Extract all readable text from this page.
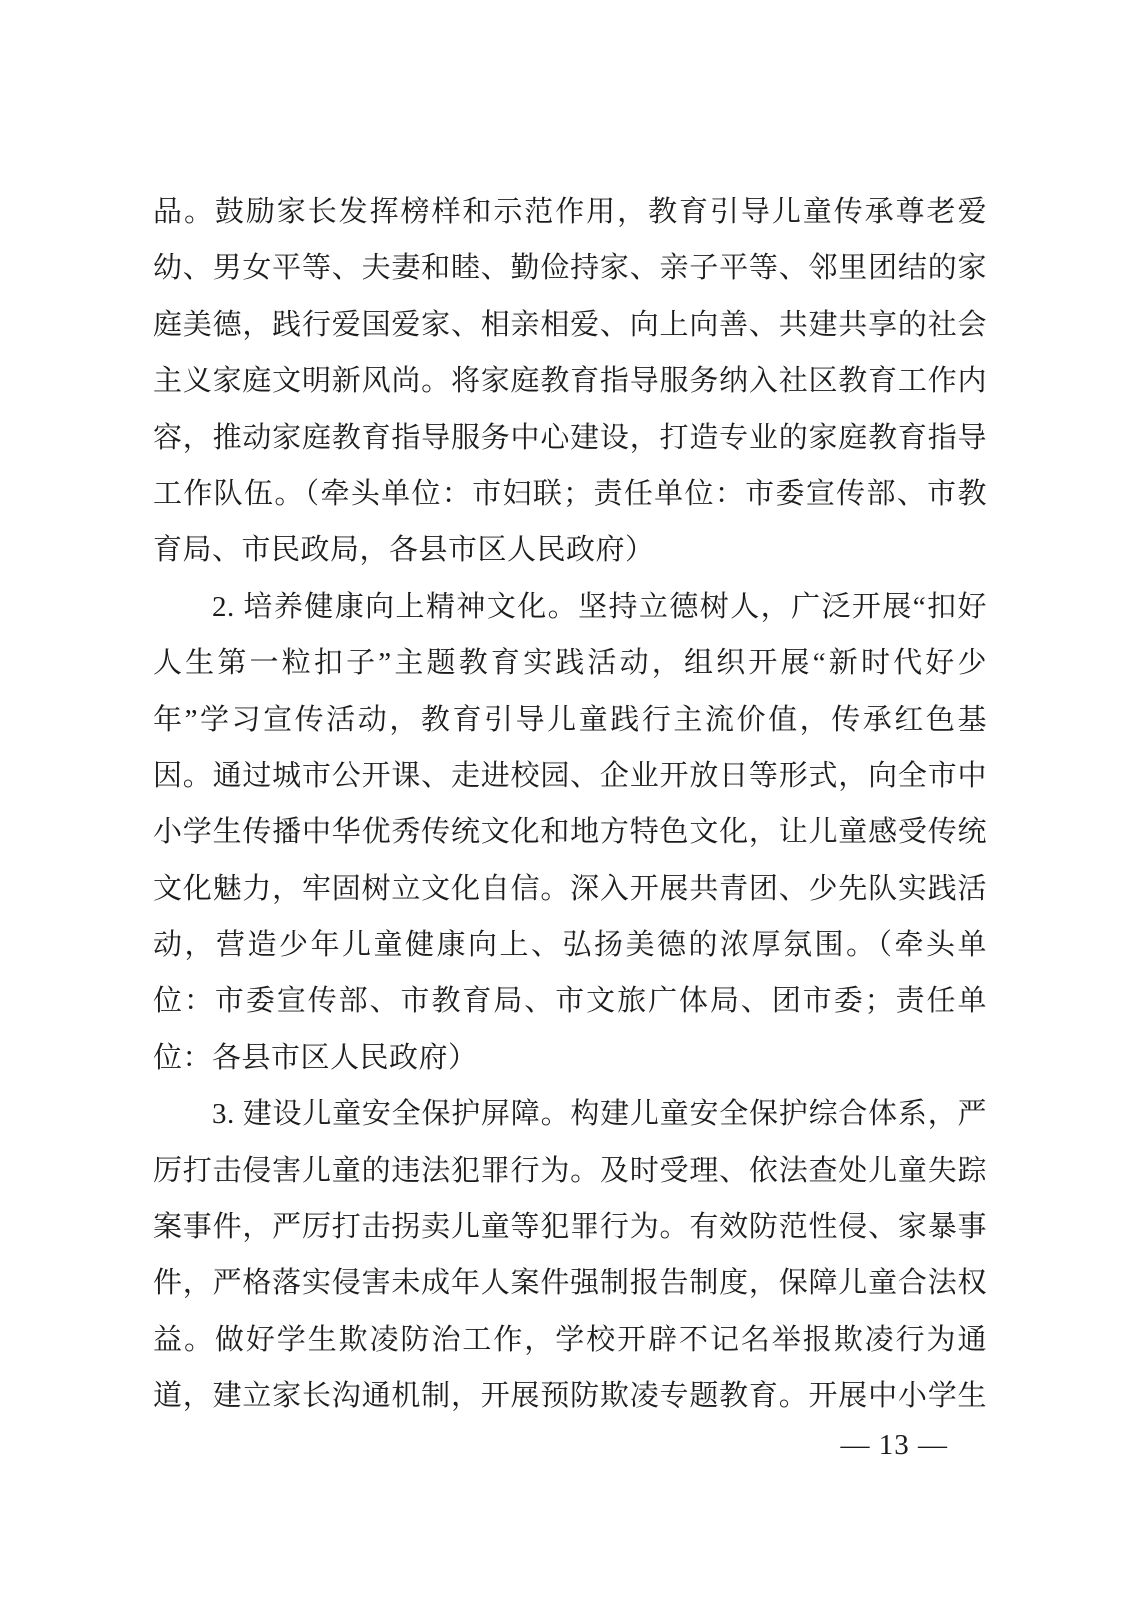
品。鼓励家长发挥榜样和示范作用，教育引导儿童传承尊老爱
幼、男女平等、夫妻和睦、勤俭持家、亲子平等、邻里团结的家
庭美德，践行爱国爱家、相亲相爱、向上向善、共建共享的社会
主义家庭文明新风尚。将家庭教育指导服务纳入社区教育工作内
容，推动家庭教育指导服务中心建设，打造专业的家庭教育指导
工作队伍。（牵头单位：市妇联；责任单位：市委宣传部、市教
育局、市民政局，各县市区人民政府）
2. 培养健康向上精神文化。坚持立德树人，广泛开展“扣好
人生第一粒扣子”主题教育实践活动，组织开展“新时代好少
年”学习宣传活动，教育引导儿童践行主流价值，传承红色基
因。通过城市公开课、走进校园、企业开放日等形式，向全市中
小学生传播中华优秀传统文化和地方特色文化，让儿童感受传统
文化魅力，牢固树立文化自信。深入开展共青团、少先队实践活
动，营造少年儿童健康向上、弘扬美德的浓厚氛围。（牵头单
位：市委宣传部、市教育局、市文旅广体局、团市委；责任单
位：各县市区人民政府）
3. 建设儿童安全保护屏障。构建儿童安全保护综合体系，严
厉打击侵害儿童的违法犯罪行为。及时受理、依法查处儿童失踪
案事件，严厉打击拐卖儿童等犯罪行为。有效防范性侵、家暴事
件，严格落实侵害未成年人案件强制报告制度，保障儿童合法权
益。做好学生欺凌防治工作，学校开辟不记名举报欺凌行为通
道，建立家长沟通机制，开展预防欺凌专题教育。开展中小学生
— 13 —
